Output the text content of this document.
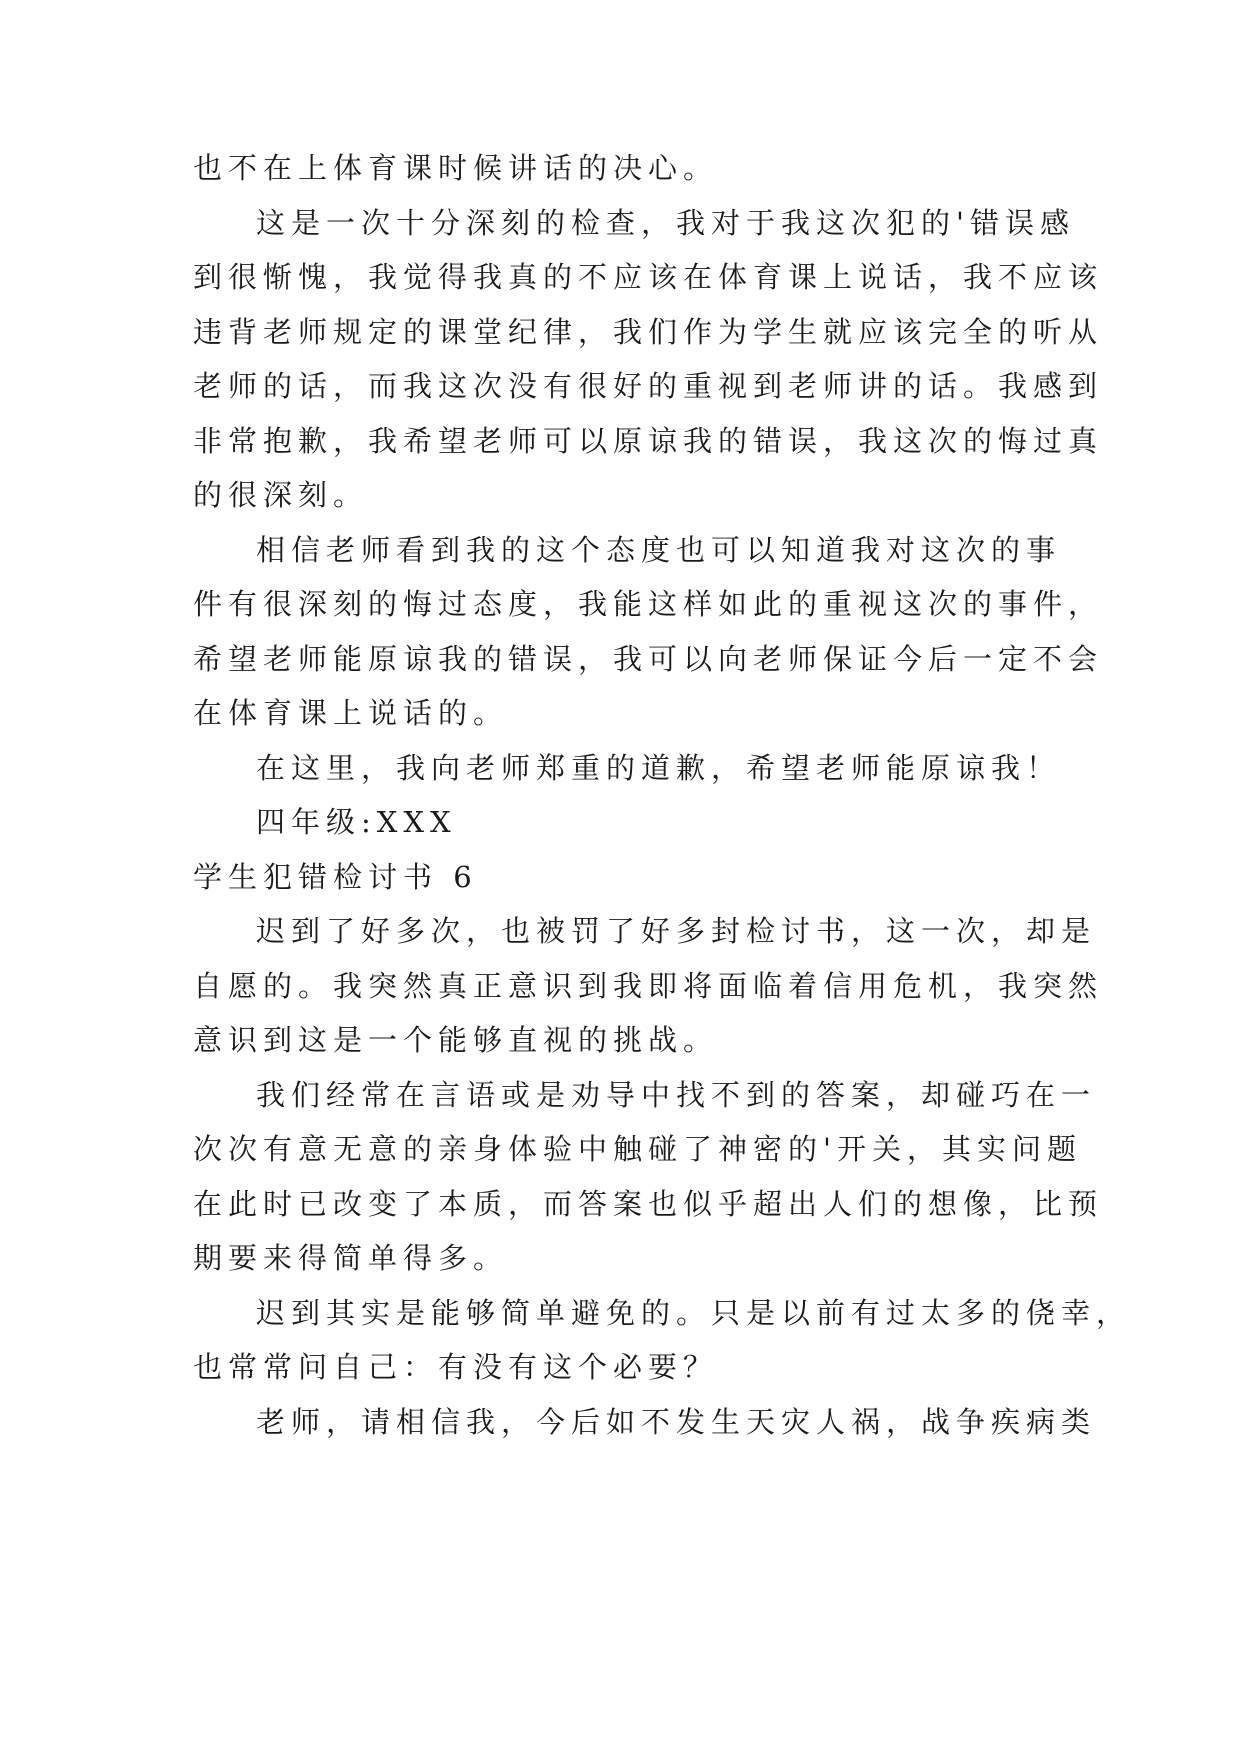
也不在上体育课时候讲话的决心。
这是一次十分深刻的检查，我对于我这次犯的'错误感
到很惭愧，我觉得我真的不应该在体育课上说话，我不应该
违背老师规定的课堂纪律，我们作为学生就应该完全的听从
老师的话，而我这次没有很好的重视到老师讲的话。我感到
非常抱歉，我希望老师可以原谅我的错误，我这次的悔过真
的很深刻。
相信老师看到我的这个态度也可以知道我对这次的事
件有很深刻的悔过态度，我能这样如此的重视这次的事件，
希望老师能原谅我的错误，我可以向老师保证今后一定不会
在体育课上说话的。
在这里，我向老师郑重的道歉，希望老师能原谅我！
四年级:XXX
学生犯错检讨书 6
迟到了好多次，也被罚了好多封检讨书，这一次，却是
自愿的。我突然真正意识到我即将面临着信用危机，我突然
意识到这是一个能够直视的挑战。
我们经常在言语或是劝导中找不到的答案，却碰巧在一
次次有意无意的亲身体验中触碰了神密的'开关，其实问题
在此时已改变了本质，而答案也似乎超出人们的想像，比预
期要来得简单得多。
迟到其实是能够简单避免的。只是以前有过太多的侥幸，
也常常问自己：有没有这个必要？
老师，请相信我，今后如不发生天灾人祸，战争疾病类
